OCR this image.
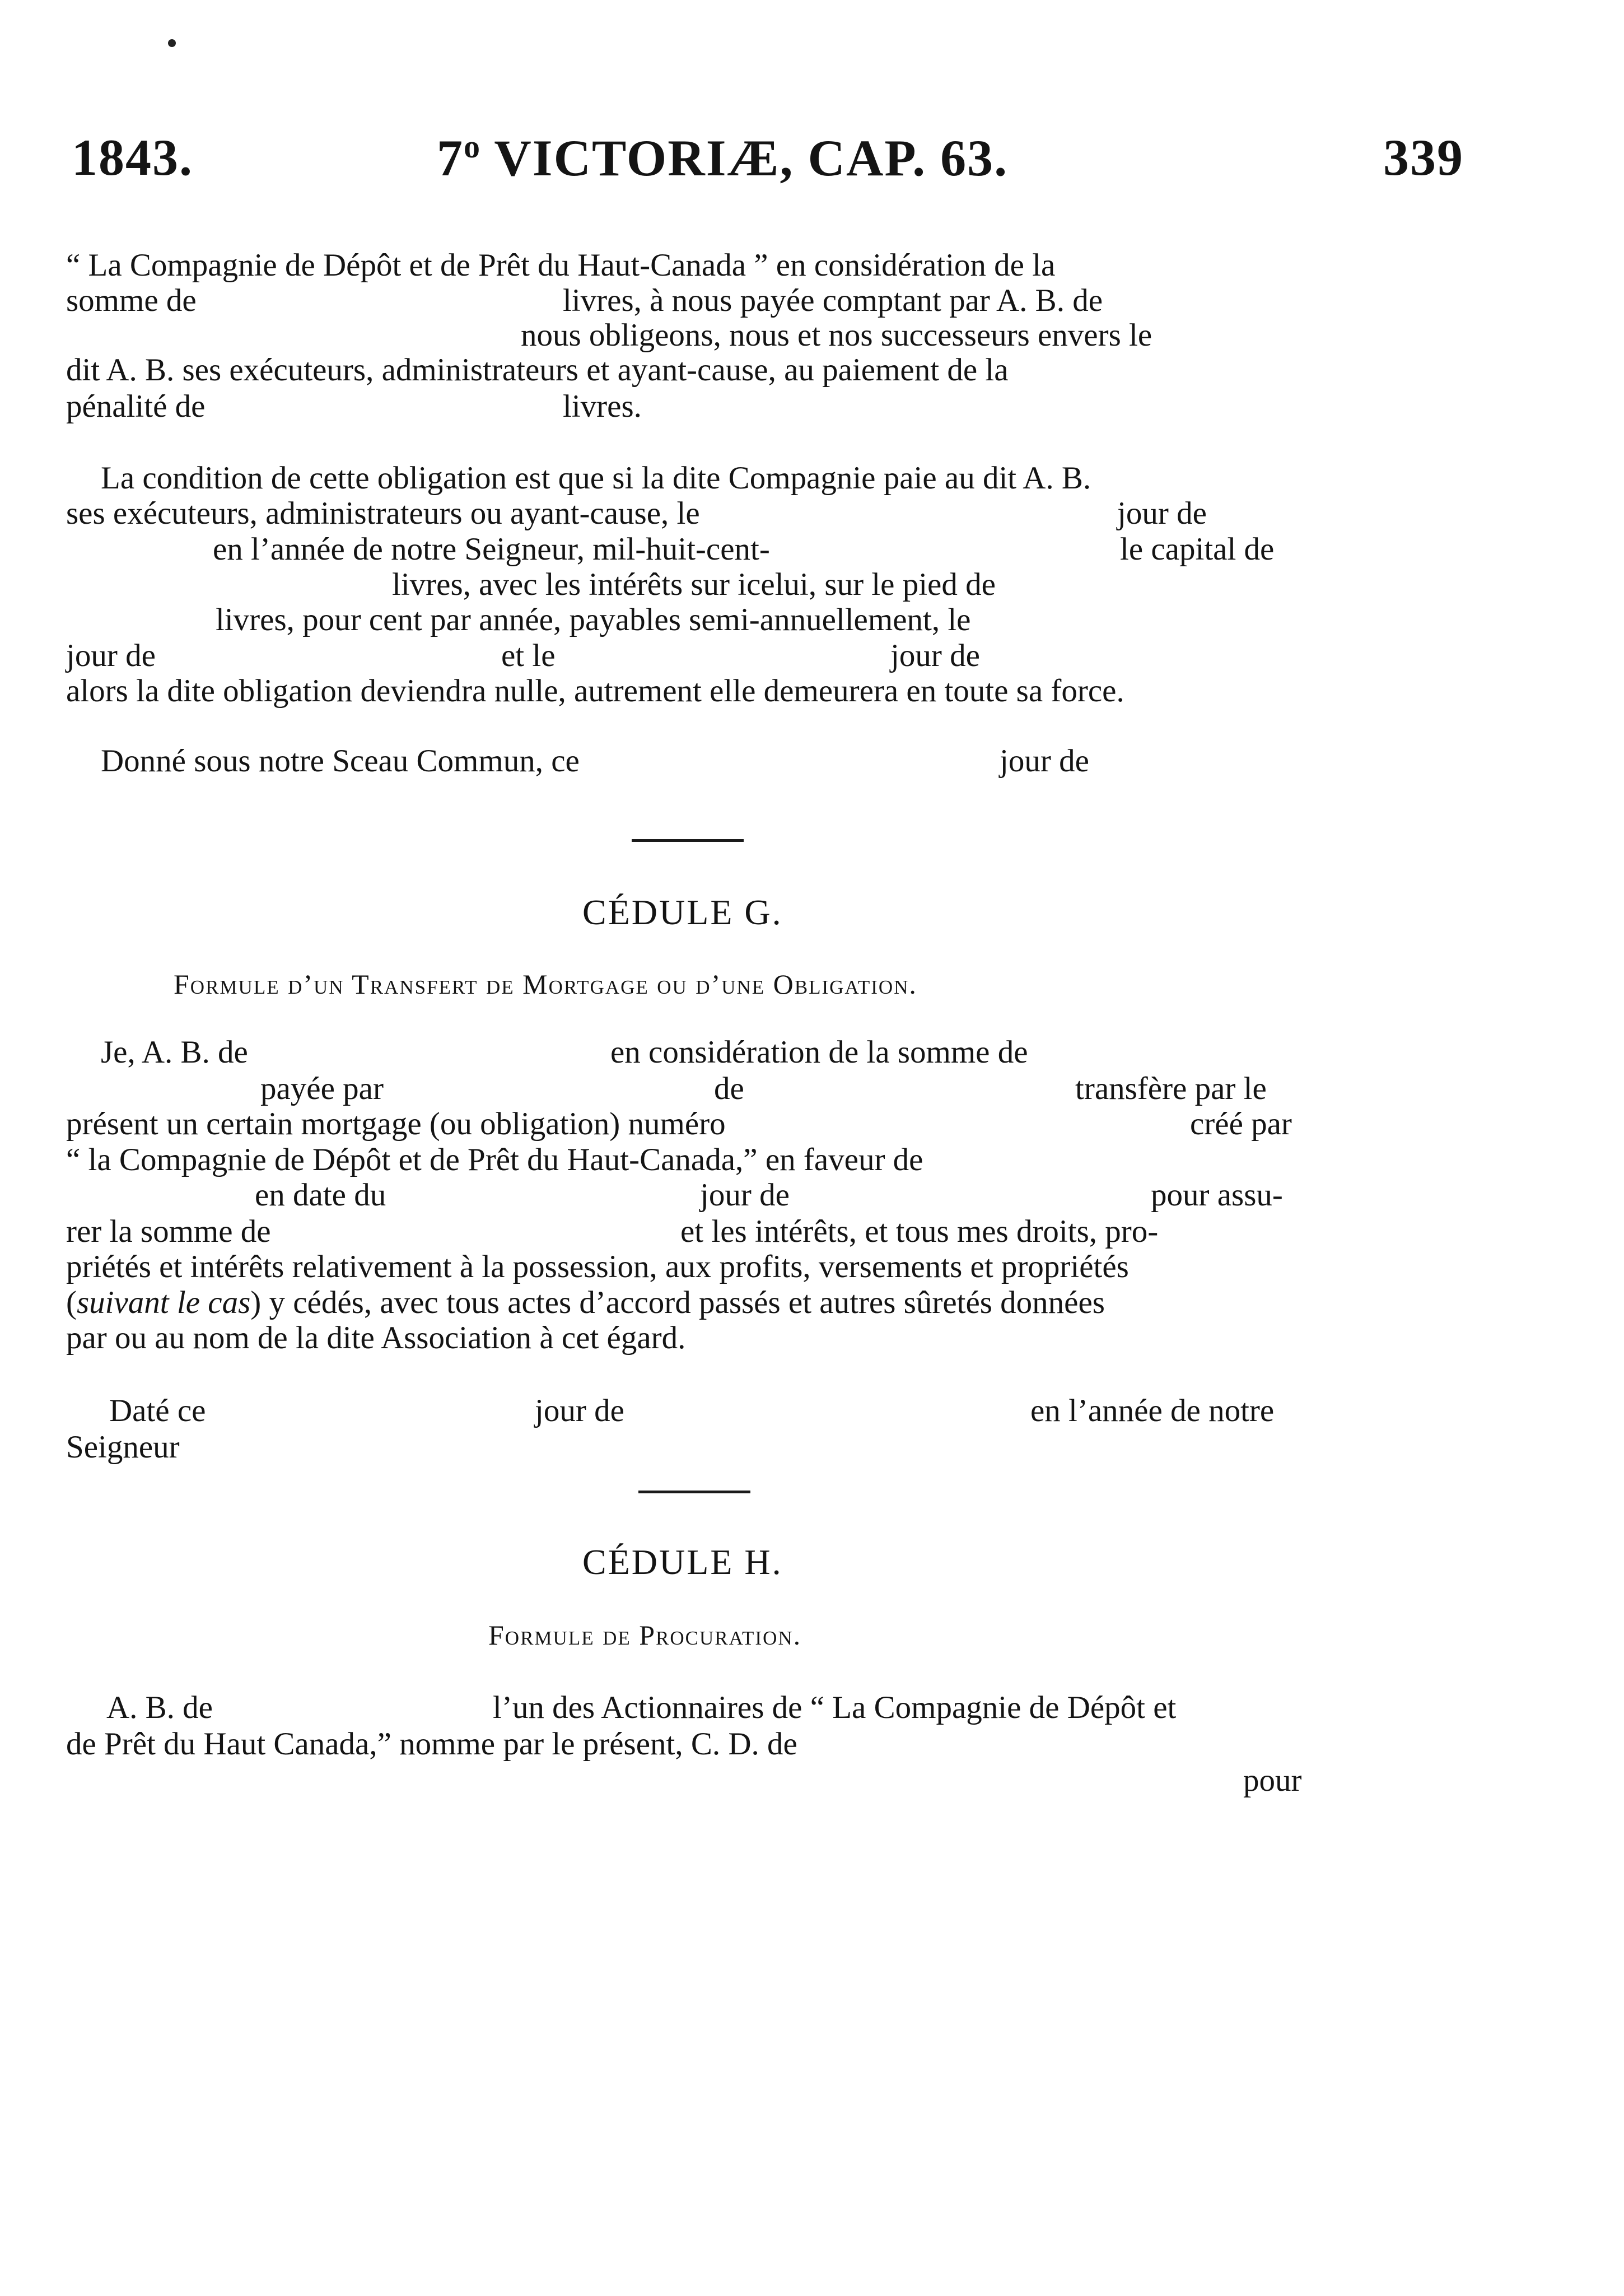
1843.	7$^o$ VICTORIÆ, CAP. 63.	339
“ La Compagnie de Dépôt et de Prêt du Haut-Canada ” en considération de la
somme de	livres, à nous payée comptant par A. B. de
nous obligeons, nous et nos successeurs envers le
dit A. B. ses exécuteurs, administrateurs et ayant-cause, au paiement de la
pénalité de	livres.
La condition de cette obligation est que si la dite Compagnie paie au dit A. B.
ses exécuteurs, administrateurs ou ayant-cause, le	jour de
en l’année de notre Seigneur, mil-huit-cent-	le capital de
livres, avec les intérêts sur icelui, sur le pied de
livres, pour cent par année, payables semi-annuellement, le
jour de	et le	jour de
alors la dite obligation deviendra nulle, autrement elle demeurera en toute sa force.
Donné sous notre Sceau Commun, ce	jour de
CÉDULE G.
Formule d’un Transfert de Mortgage ou d’une Obligation.
Je, A. B. de	en considération de la somme de
payée par	de	transfère par le
présent un certain mortgage (ou obligation) numéro	créé par
“ la Compagnie de Dépôt et de Prêt du Haut-Canada,” en faveur de
en date du	jour de	pour assu-
rer la somme de	et les intérêts, et tous mes droits, pro-
priétés et intérêts relativement à la possession, aux profits, versements et propriétés
(suivant le cas) y cédés, avec tous actes d’accord passés et autres sûretés données
par ou au nom de la dite Association à cet égard.
Daté ce	jour de	en l’année de notre
Seigneur
CÉDULE H.
Formule de Procuration.
A. B. de	l’un des Actionnaires de “ La Compagnie de Dépôt et
de Prêt du Haut Canada,” nomme par le présent, C. D. de
pour
